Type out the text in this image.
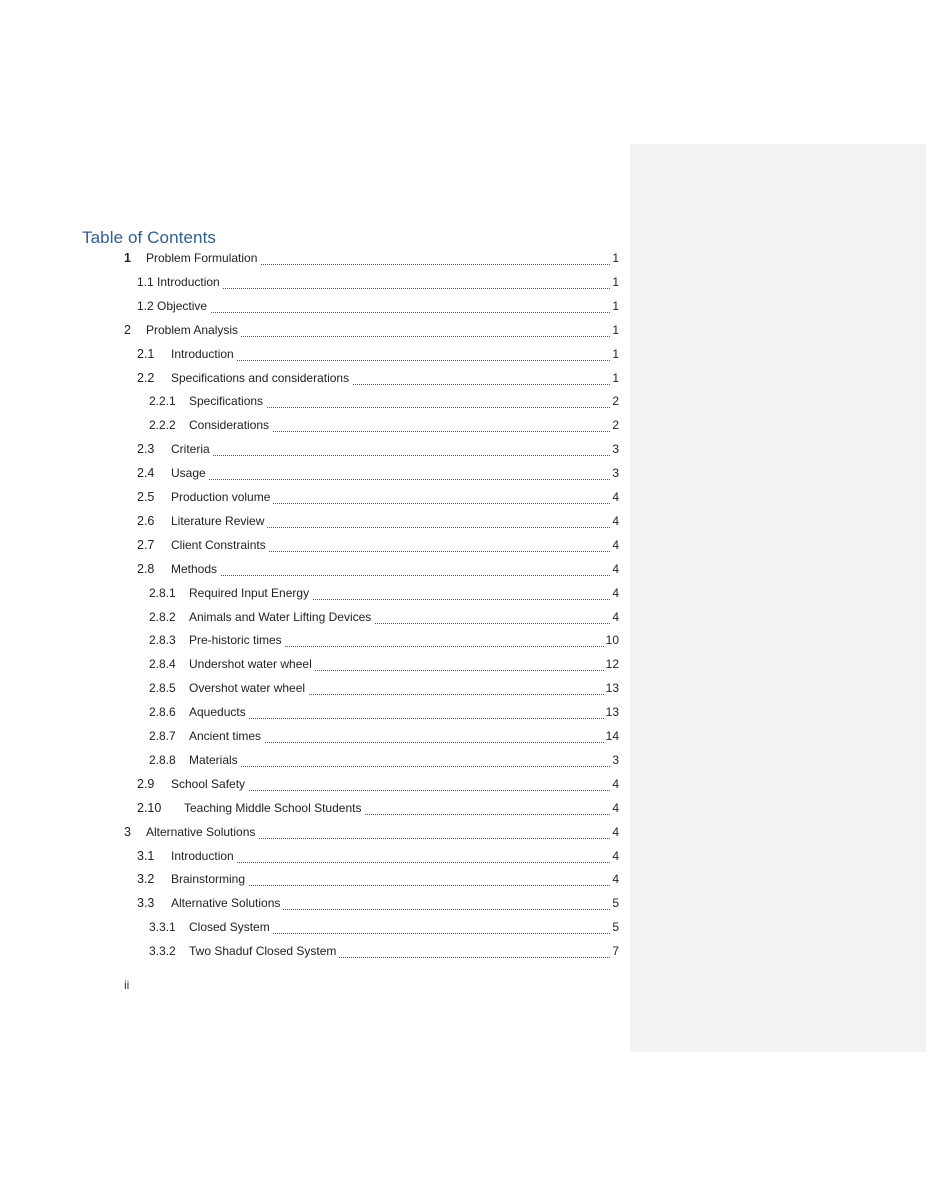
Table of Contents
1 Problem Formulation	1
1.1 Introduction	1
1.2 Objective	1
2 Problem Analysis	1
2.1 Introduction	1
2.2 Specifications and considerations	1
2.2.1 Specifications	2
2.2.2 Considerations	2
2.3 Criteria	3
2.4 Usage	3
2.5 Production volume	4
2.6 Literature Review	4
2.7 Client Constraints	4
2.8 Methods	4
2.8.1 Required Input Energy	4
2.8.2 Animals and Water Lifting Devices	4
2.8.3 Pre-historic times	10
2.8.4 Undershot water wheel	12
2.8.5 Overshot water wheel	13
2.8.6 Aqueducts	13
2.8.7 Ancient times	14
2.8.8 Materials	3
2.9 School Safety	4
2.10 Teaching Middle School Students	4
3 Alternative Solutions	4
3.1 Introduction	4
3.2 Brainstorming	4
3.3 Alternative Solutions	5
3.3.1 Closed System	5
3.3.2 Two Shaduf Closed System	7
ii
